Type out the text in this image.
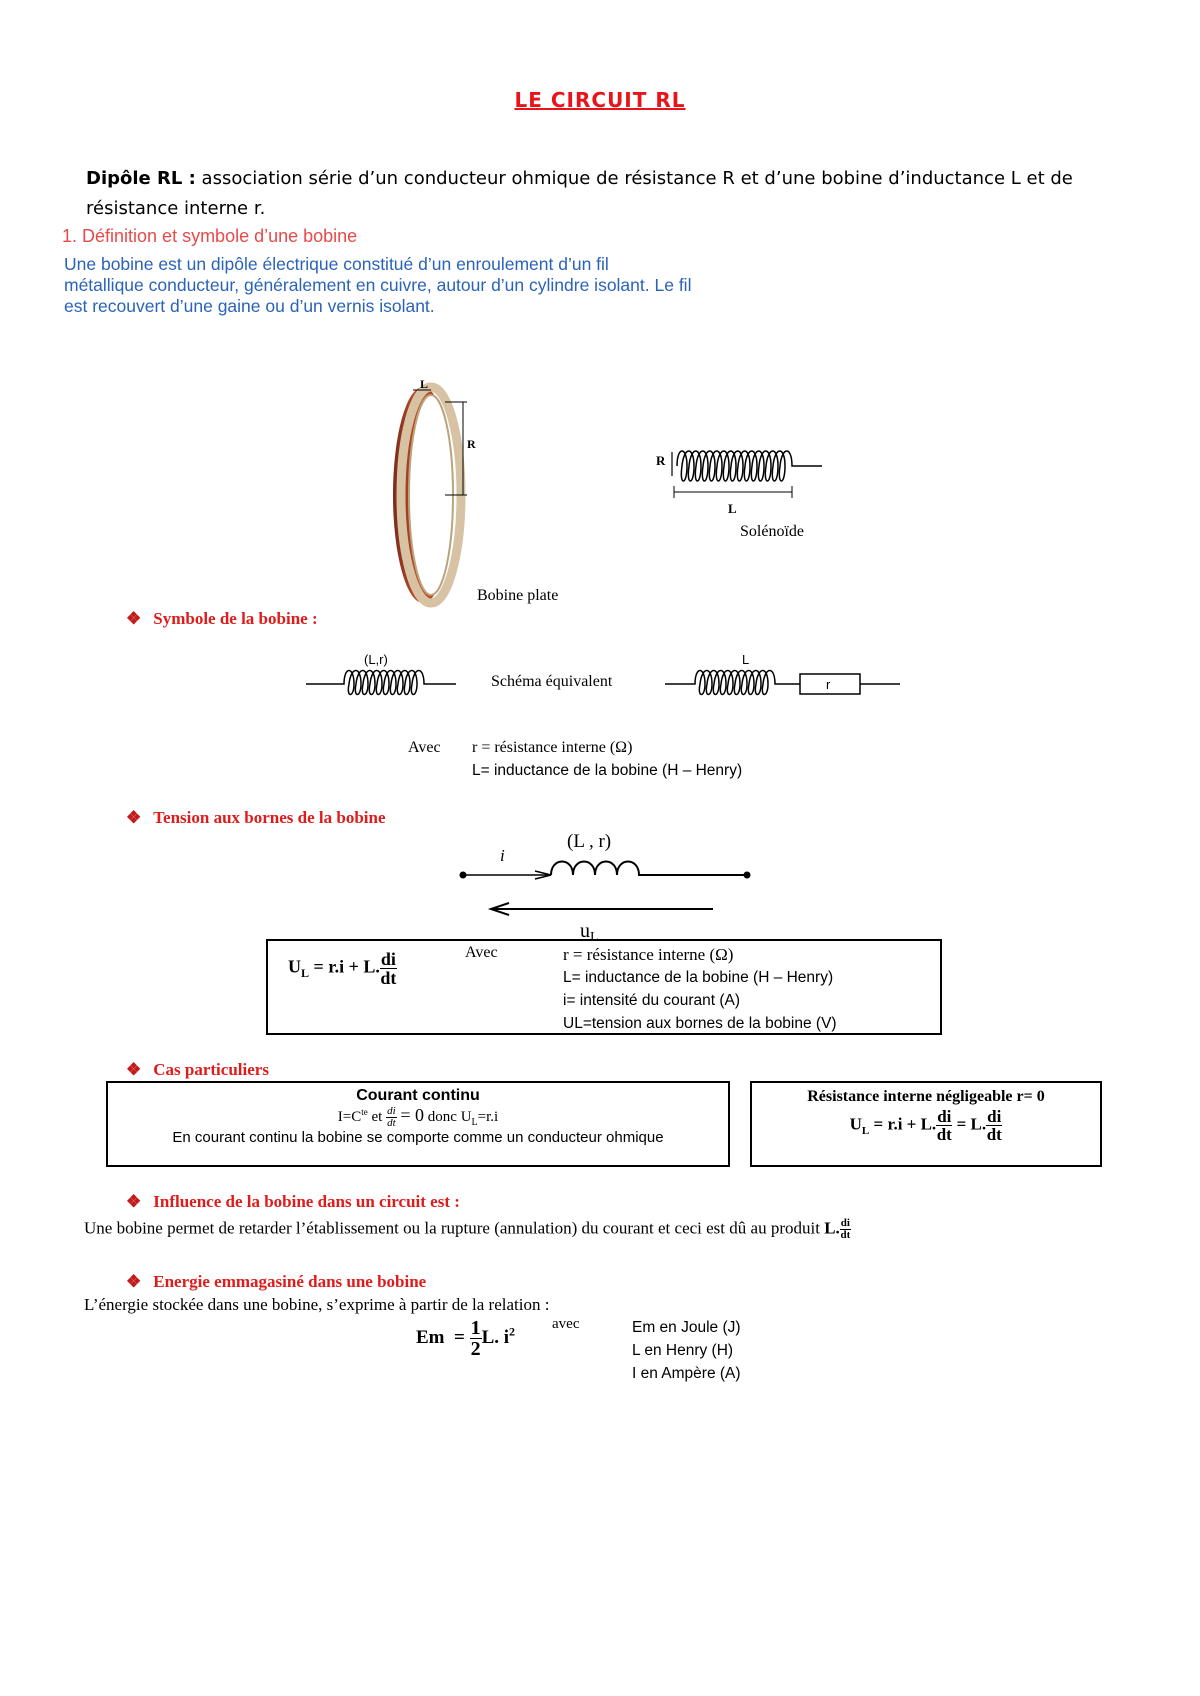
LE CIRCUIT RL
Dipôle RL : association série d’un conducteur ohmique de résistance R et d’une bobine d’inductance L et de
résistance interne r.
1. Définition et symbole d’une bobine
Une bobine est un dipôle électrique constitué d’un enroulement d’un fil
métallique conducteur, généralement en cuivre, autour d’un cylindre isolant. Le fil
est recouvert d’une gaine ou d’un vernis isolant.
L
R
Bobine plate
R
L
Solénoïde
❖ Symbole de la bobine :
(L,r)	L
r
Schéma équivalent
Avec r = résistance interne (Ω)
L= inductance de la bobine (H – Henry)
❖ Tension aux bornes de la bobine
i
(L , r)
$u_L$
$U_L = r.i + L$. $\frac{di}{dt}$	Avec	r = résistance interne (Ω)
L= inductance de la bobine (H – Henry)
i= intensité du courant (A)
UL=tension aux bornes de la bobine (V)
❖ Cas particuliers
Courant continu
$I=C^{te}$ et $\frac{di}{dt} = 0$ donc $U_L=r.i$
En courant continu la bobine se comporte comme un conducteur ohmique
Résistance interne négligeable r= 0
$U_L = r.i + L$. $\frac{di}{dt} = L$. $\frac{di}{dt}$
❖ Influence de la bobine dans un circuit est :
Une bobine permet de retarder l’établissement ou la rupture (annulation) du courant et ceci est dû au produit L. $\frac{di}{dt}$
❖ Energie emmagasiné dans une bobine
L’énergie stockée dans une bobine, s’exprime à partir de la relation :
$Em = \frac{1}{2} L$. $i^2$ avec	Em en Joule (J)
L en Henry (H)
I en Ampère (A)
